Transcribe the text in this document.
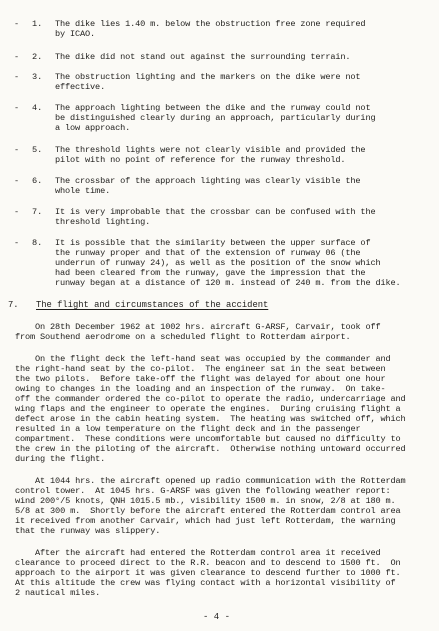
- 1. The dike lies 1.40 m. below the obstruction free zone required
by ICAO.
- 2. The dike did not stand out against the surrounding terrain.
- 3. The obstruction lighting and the markers on the dike were not
effective.
- 4. The approach lighting between the dike and the runway could not
be distinguished clearly during an approach, particularly during
a low approach.
- 5. The threshold lights were not clearly visible and provided the
pilot with no point of reference for the runway threshold.
- 6. The crossbar of the approach lighting was clearly visible the
whole time.
- 7. It is very improbable that the crossbar can be confused with the
threshold lighting.
- 8. It is possible that the similarity between the upper surface of
the runway proper and that of the extension of runway 06 (the
underrun of runway 24), as well as the position of the snow which
had been cleared from the runway, gave the impression that the
runway began at a distance of 120 m. instead of 240 m. from the dike.
7. The flight and circumstances of the accident
On 28th December 1962 at 1002 hrs. aircraft G-ARSF, Carvair, took off
from Southend aerodrome on a scheduled flight to Rotterdam airport.
On the flight deck the left-hand seat was occupied by the commander and
the right-hand seat by the co-pilot.  The engineer sat in the seat between
the two pilots.  Before take-off the flight was delayed for about one hour
owing to changes in the loading and an inspection of the runway.  On take-
off the commander ordered the co-pilot to operate the radio, undercarriage and
wing flaps and the engineer to operate the engines.  During cruising flight a
defect arose in the cabin heating system.  The heating was switched off, which
resulted in a low temperature on the flight deck and in the passenger
compartment.  These conditions were uncomfortable but caused no difficulty to
the crew in the piloting of the aircraft.  Otherwise nothing untoward occurred
during the flight.
At 1044 hrs. the aircraft opened up radio communication with the Rotterdam
control tower.  At 1045 hrs. G-ARSF was given the following weather report:
wind 200°/5 knots, QNH 1015.5 mb., visibility 1500 m. in snow, 2/8 at 180 m.
5/8 at 300 m.  Shortly before the aircraft entered the Rotterdam control area
it received from another Carvair, which had just left Rotterdam, the warning
that the runway was slippery.
After the aircraft had entered the Rotterdam control area it received
clearance to proceed direct to the R.R. beacon and to descend to 1500 ft.  On
approach to the airport it was given clearance to descend further to 1000 ft.
At this altitude the crew was flying contact with a horizontal visibility of
2 nautical miles.
- 4 -
